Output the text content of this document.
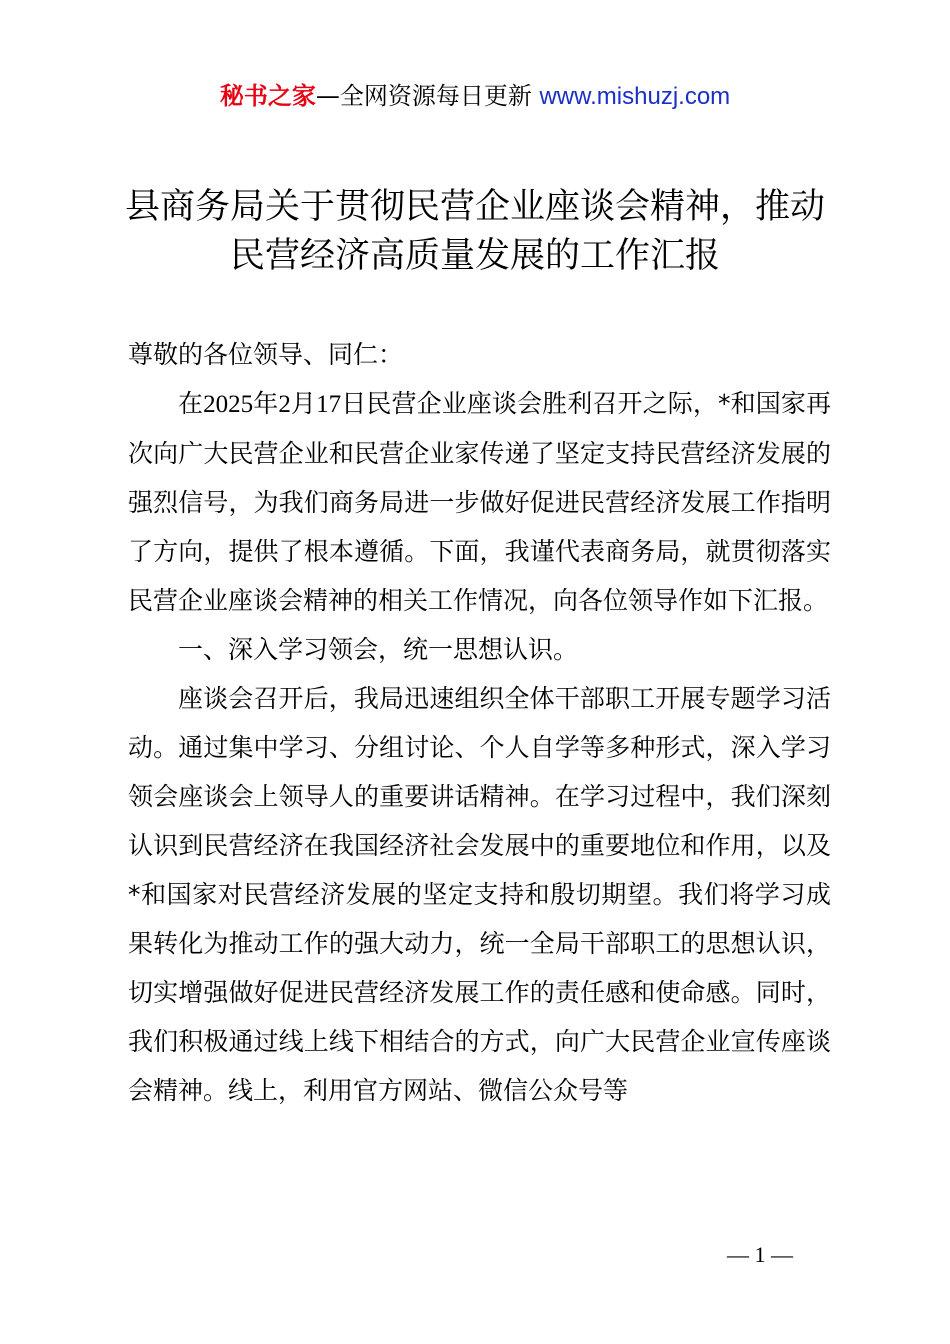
秘书之家—全网资源每日更新 www.mishuzj.com
县商务局关于贯彻民营企业座谈会精神，推动
民营经济高质量发展的工作汇报

尊敬的各位领导、同仁：

在2025年2月17日民营企业座谈会胜利召开之际，*和国家再次向广大民营企业和民营企业家传递了坚定支持民营经济发展的强烈信号，为我们商务局进一步做好促进民营经济发展工作指明了方向，提供了根本遵循。下面，我谨代表商务局，就贯彻落实民营企业座谈会精神的相关工作情况，向各位领导作如下汇报。

一、深入学习领会，统一思想认识。

座谈会召开后，我局迅速组织全体干部职工开展专题学习活动。通过集中学习、分组讨论、个人自学等多种形式，深入学习领会座谈会上领导人的重要讲话精神。在学习过程中，我们深刻认识到民营经济在我国经济社会发展中的重要地位和作用，以及*和国家对民营经济发展的坚定支持和殷切期望。我们将学习成果转化为推动工作的强大动力，统一全局干部职工的思想认识，切实增强做好促进民营经济发展工作的责任感和使命感。同时，我们积极通过线上线下相结合的方式，向广大民营企业宣传座谈会精神。线上，利用官方网站、微信公众号等

— 1 —
